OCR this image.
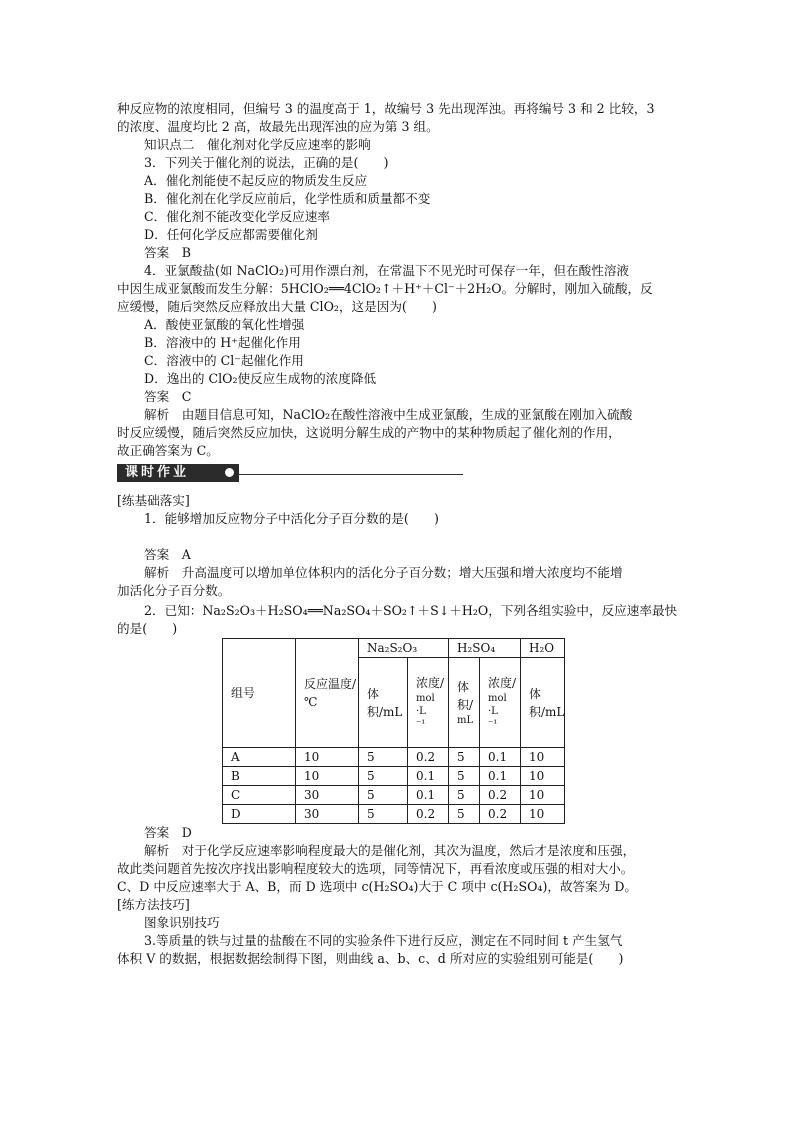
种反应物的浓度相同，但编号 3 的温度高于 1，故编号 3 先出现浑浊。再将编号 3 和 2 比较，3
的浓度、温度均比 2 高，故最先出现浑浊的应为第 3 组。
知识点二　催化剂对化学反应速率的影响
3．下列关于催化剂的说法，正确的是(　　)
A．催化剂能使不起反应的物质发生反应
B．催化剂在化学反应前后，化学性质和质量都不变
C．催化剂不能改变化学反应速率
D．任何化学反应都需要催化剂
答案　B
4．亚氯酸盐(如 NaClO₂)可用作漂白剂，在常温下不见光时可保存一年，但在酸性溶液
中因生成亚氯酸而发生分解：5HClO₂══4ClO₂↑＋H⁺＋Cl⁻＋2H₂O。分解时，刚加入硫酸，反
应缓慢，随后突然反应释放出大量 ClO₂，这是因为(　　)
A．酸使亚氯酸的氧化性增强
B．溶液中的 H⁺起催化作用
C．溶液中的 Cl⁻起催化作用
D．逸出的 ClO₂使反应生成物的浓度降低
答案　C
解析　由题目信息可知，NaClO₂在酸性溶液中生成亚氯酸，生成的亚氯酸在刚加入硫酸
时反应缓慢，随后突然反应加快，这说明分解生成的产物中的某种物质起了催化剂的作用，
故正确答案为 C。
课时作业
[练基础落实]
1．能够增加反应物分子中活化分子百分数的是(　　)
答案　A
解析　升高温度可以增加单位体积内的活化分子百分数；增大压强和增大浓度均不能增
加活化分子百分数。
2．已知：Na₂S₂O₃＋H₂SO₄══Na₂SO₄＋SO₂↑＋S↓＋H₂O，下列各组实验中，反应速率最快
的是(　　)
组号	反应温度/℃	Na₂S₂O₃		H₂SO₄		H₂O
		体积/mL	浓度/
mol
·L
⁻¹	体积/
mL	浓度/
mol
·L
⁻¹	体积/mL
A	10	5	0.2	5	0.1	10
B	10	5	0.1	5	0.1	10
C	30	5	0.1	5	0.2	10
D	30	5	0.2	5	0.2	10
答案　D
解析　对于化学反应速率影响程度最大的是催化剂，其次为温度，然后才是浓度和压强，
故此类问题首先按次序找出影响程度较大的选项，同等情况下，再看浓度或压强的相对大小。
C、D 中反应速率大于 A、B，而 D 选项中 c(H₂SO₄)大于 C 项中 c(H₂SO₄)，故答案为 D。
[练方法技巧]
图象识别技巧
3.等质量的铁与过量的盐酸在不同的实验条件下进行反应，测定在不同时间 t 产生氢气
体积 V 的数据，根据数据绘制得下图，则曲线 a、b、c、d 所对应的实验组别可能是(　　)
